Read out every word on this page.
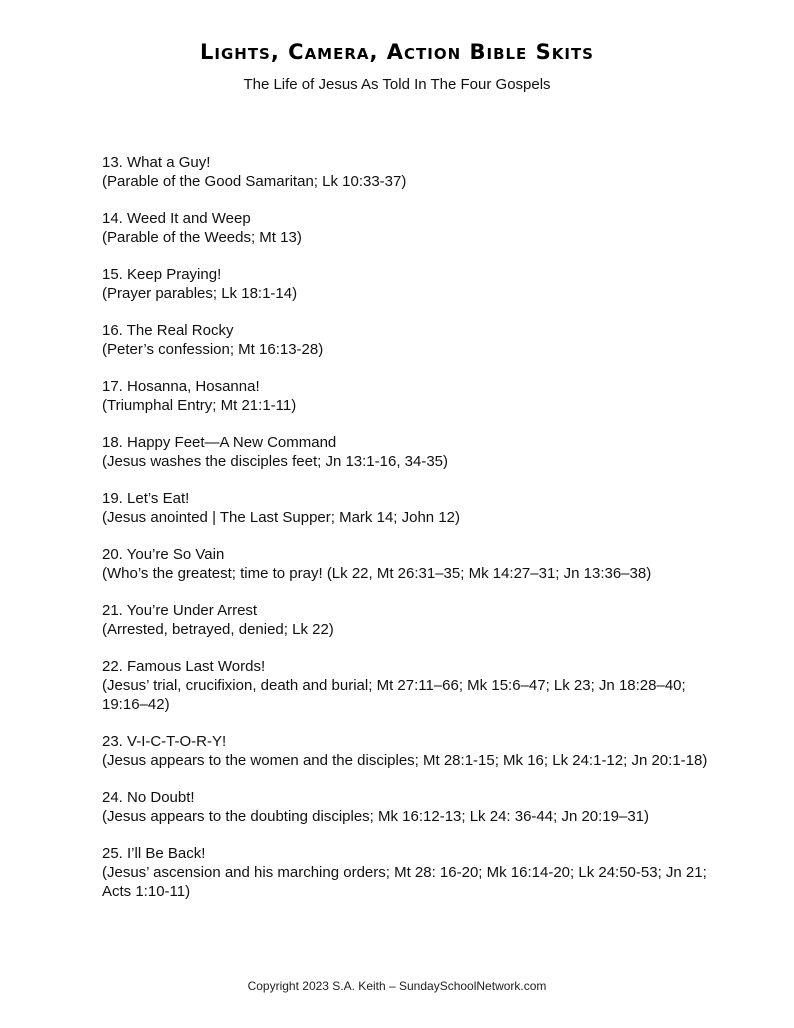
Lights, Camera, Action Bible Skits
The Life of Jesus As Told In The Four Gospels
13. What a Guy!
(Parable of the Good Samaritan; Lk 10:33-37)
14. Weed It and Weep
(Parable of the Weeds; Mt 13)
15. Keep Praying!
(Prayer parables; Lk 18:1-14)
16. The Real Rocky
(Peter’s confession; Mt 16:13-28)
17. Hosanna, Hosanna!
(Triumphal Entry; Mt 21:1-11)
18. Happy Feet—A New Command
(Jesus washes the disciples feet; Jn 13:1-16, 34-35)
19. Let’s Eat!
(Jesus anointed | The Last Supper; Mark 14; John 12)
20. You’re So Vain
(Who’s the greatest; time to pray! (Lk 22, Mt 26:31–35; Mk 14:27–31; Jn 13:36–38)
21. You’re Under Arrest
(Arrested, betrayed, denied; Lk 22)
22. Famous Last Words!
(Jesus’ trial, crucifixion, death and burial; Mt 27:11–66; Mk 15:6–47; Lk 23; Jn 18:28–40; 19:16–42)
23. V-I-C-T-O-R-Y!
(Jesus appears to the women and the disciples; Mt 28:1-15; Mk 16; Lk 24:1-12; Jn 20:1-18)
24. No Doubt!
(Jesus appears to the doubting disciples; Mk 16:12-13; Lk 24: 36-44; Jn 20:19–31)
25. I’ll Be Back!
(Jesus’ ascension and his marching orders; Mt 28: 16-20; Mk 16:14-20; Lk 24:50-53; Jn 21; Acts 1:10-11)
Copyright 2023 S.A. Keith – SundaySchoolNetwork.com
